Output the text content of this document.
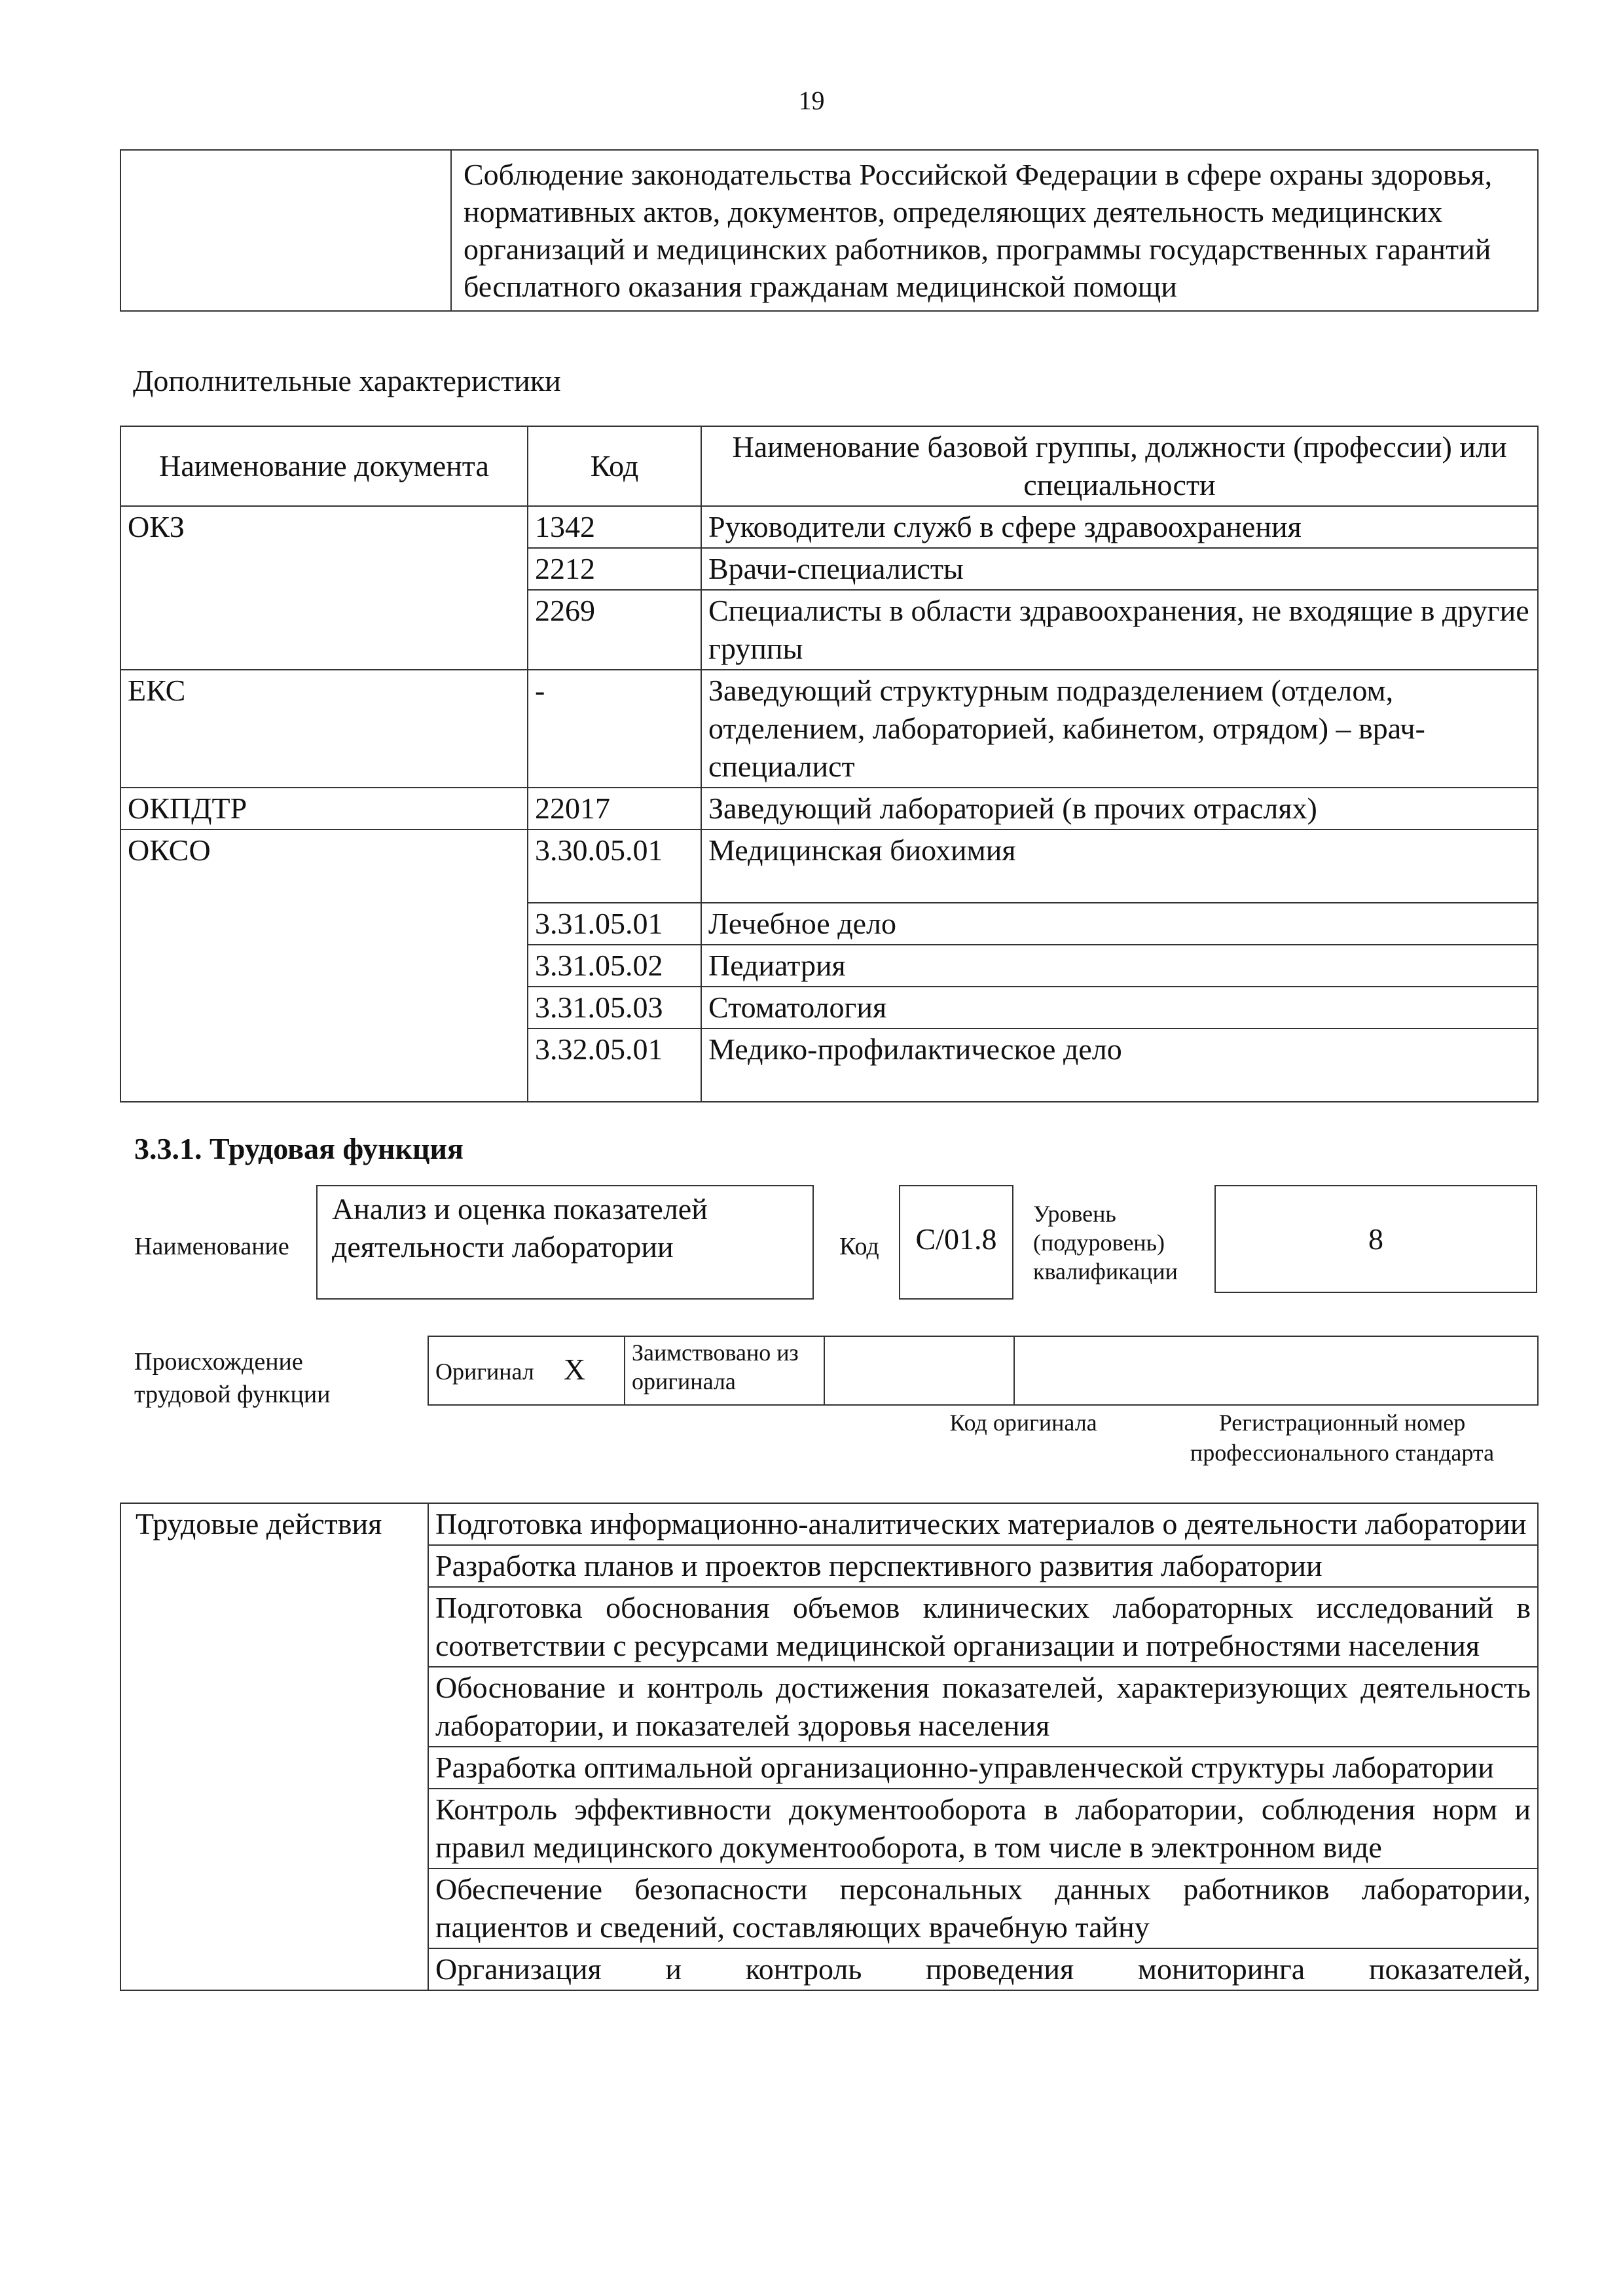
19
	Соблюдение законодательства Российской Федерации в сфере охраны здоровья, нормативных актов, документов, определяющих деятельность медицинских организаций и медицинских работников, программы государственных гарантий бесплатного оказания гражданам медицинской помощи
Дополнительные характеристики
Наименование документа	Код	Наименование базовой группы, должности (профессии) или специальности
ОКЗ	1342	Руководители служб в сфере здравоохранения
	2212	Врачи-специалисты
	2269	Специалисты в области здравоохранения, не входящие в другие группы
ЕКС	-	Заведующий структурным подразделением (отделом, отделением, лабораторией, кабинетом, отрядом) – врач-специалист
ОКПДТР	22017	Заведующий лабораторией (в прочих отраслях)
ОКСО	3.30.05.01	Медицинская биохимия
	3.31.05.01	Лечебное дело
	3.31.05.02	Педиатрия
	3.31.05.03	Стоматология
	3.32.05.01	Медико-профилактическое дело
3.3.1. Трудовая функция
Наименование
Анализ и оценка показателей деятельности лаборатории	Код	C/01.8
Уровень (подуровень) квалификации
8
Происхождение трудовой функции
Оригинал X	Заимствовано из оригинала		
Код оригинала	Регистрационный номер профессионального стандарта
Трудовые действия	Подготовка информационно-аналитических материалов о деятельности лаборатории
Разработка планов и проектов перспективного развития лаборатории
Подготовка обоснования объемов клинических лабораторных исследований в соответствии с ресурсами медицинской организации и потребностями населения
Обоснование и контроль достижения показателей, характеризующих деятельность лаборатории, и показателей здоровья населения
Разработка оптимальной организационно-управленческой структуры лаборатории
Контроль эффективности документооборота в лаборатории, соблюдения норм и правил медицинского документооборота, в том числе в электронном виде
Обеспечение безопасности персональных данных работников лаборатории, пациентов и сведений, составляющих врачебную тайну
Организация и контроль проведения мониторинга показателей,
